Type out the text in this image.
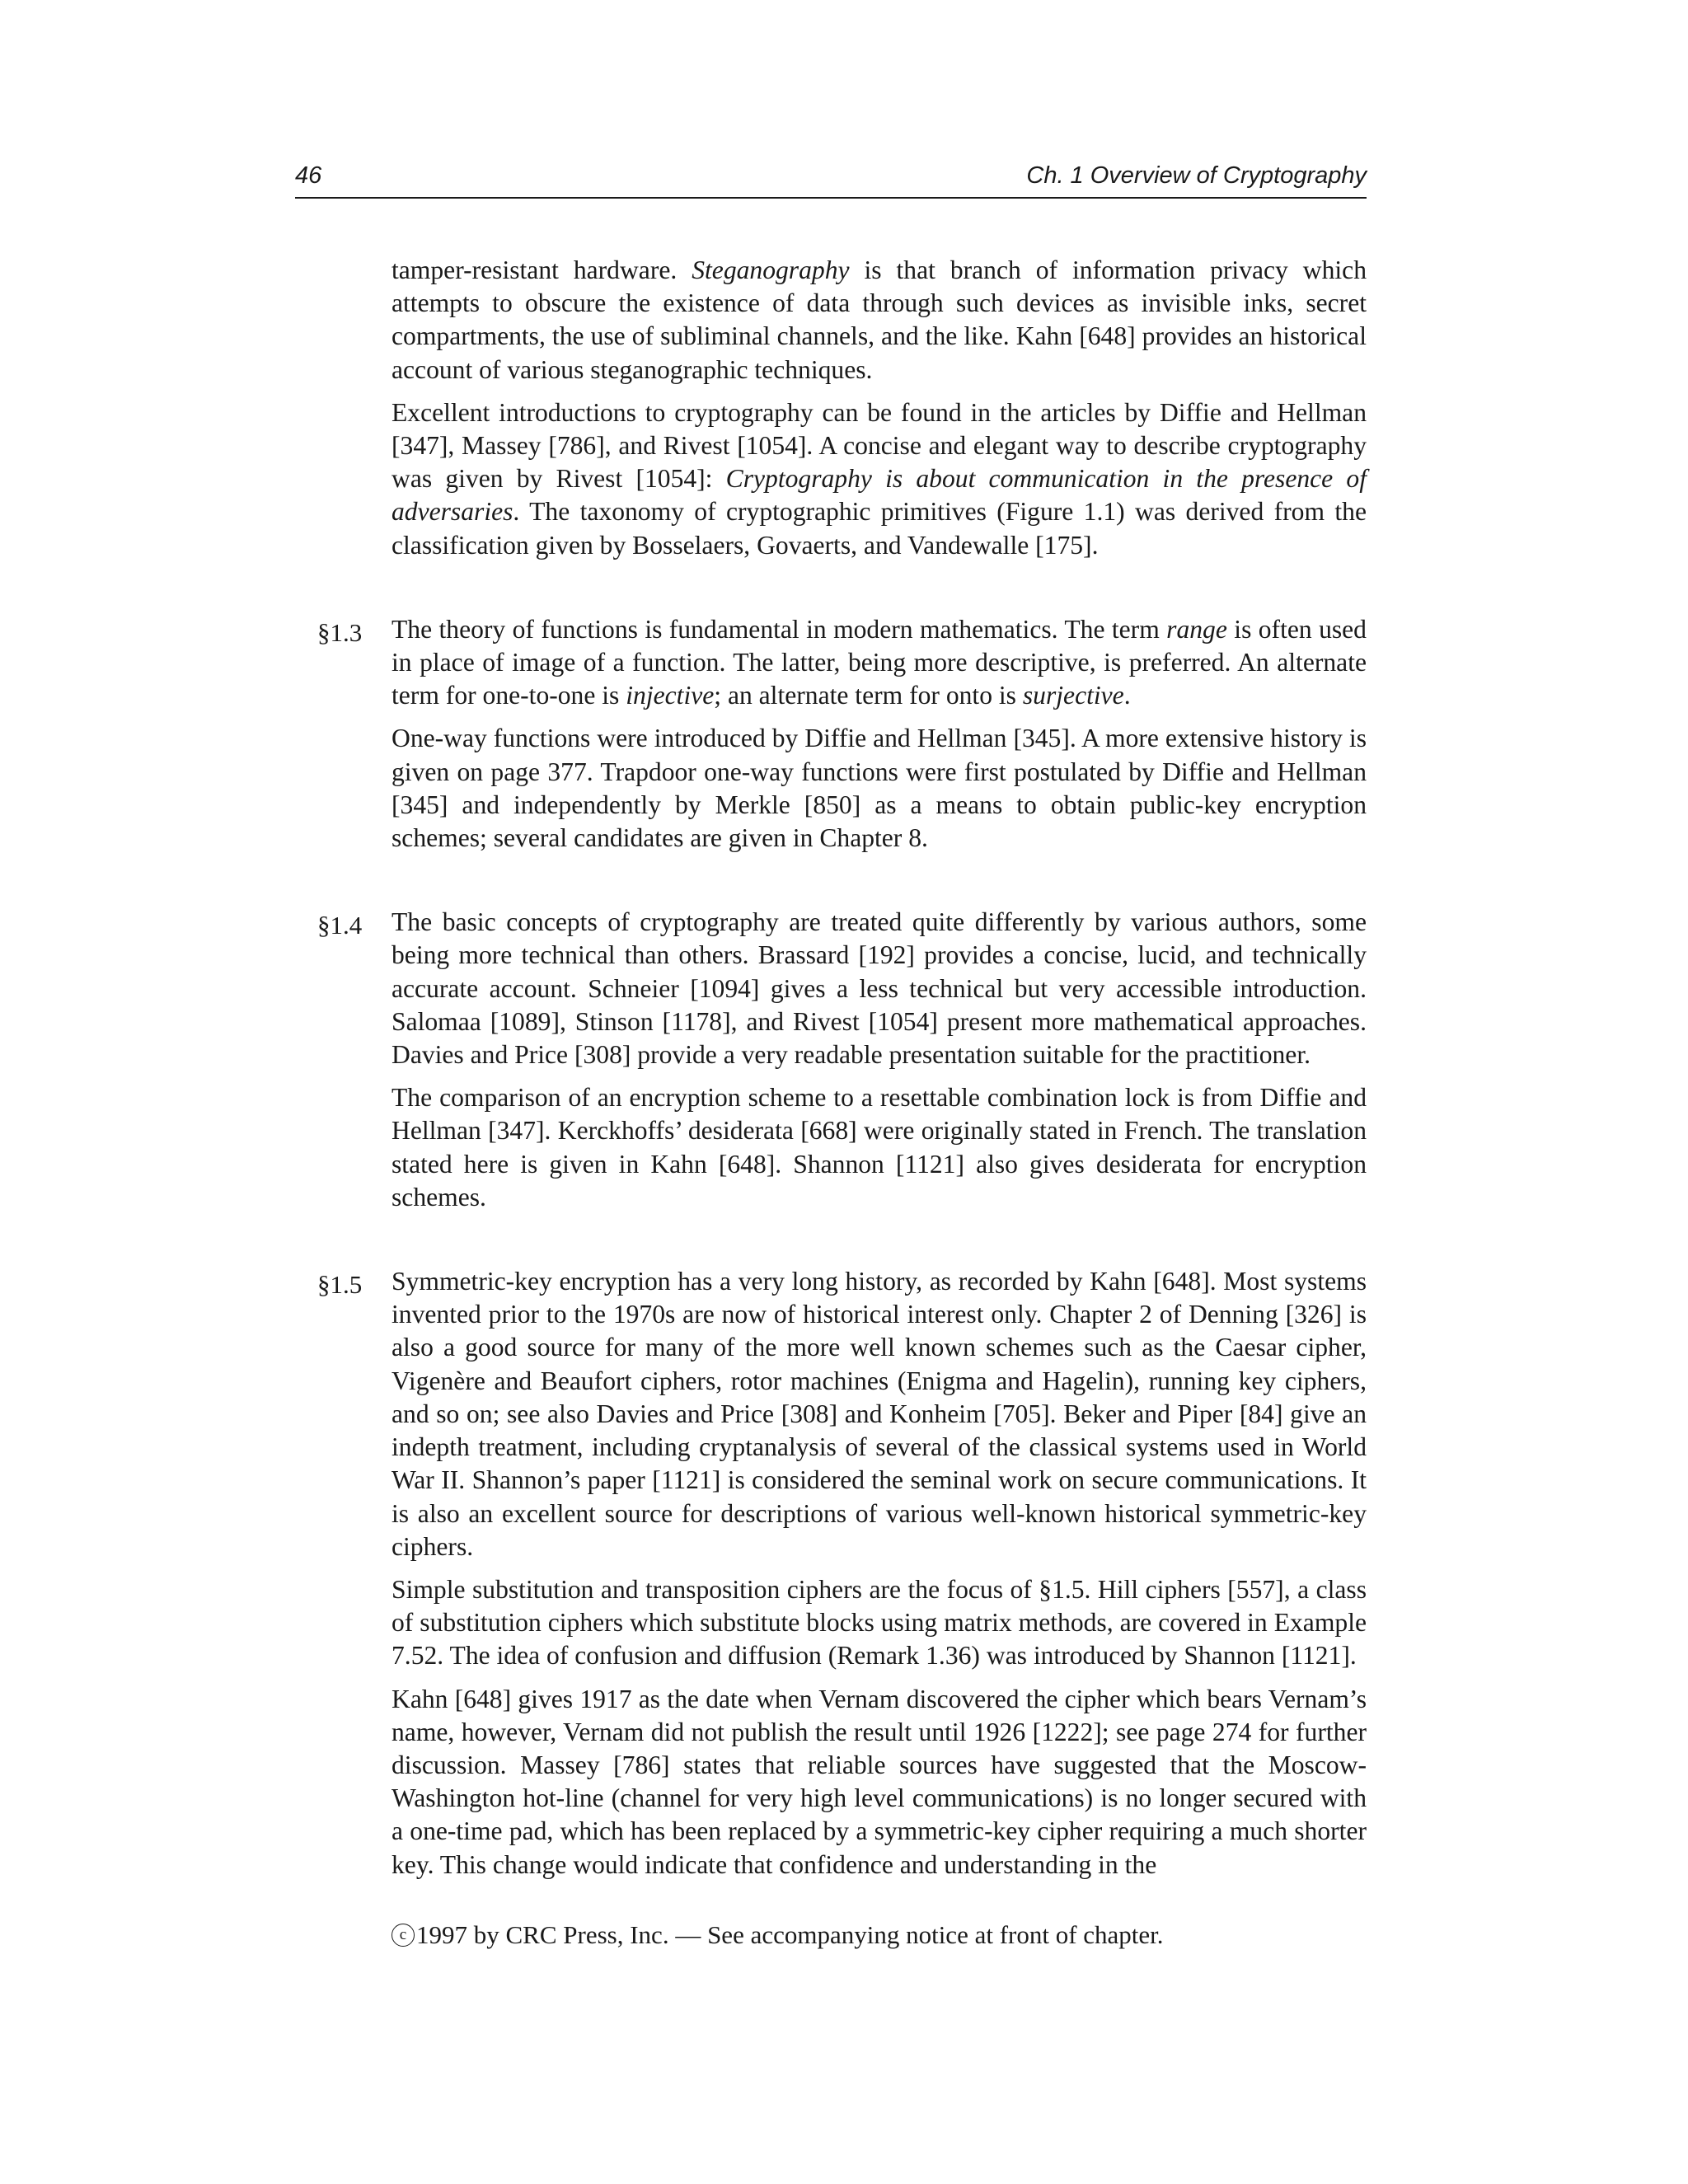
46	Ch. 1 Overview of Cryptography

tamper-resistant hardware. Steganography is that branch of information privacy which attempts to obscure the existence of data through such devices as invisible inks, secret compartments, the use of subliminal channels, and the like. Kahn [648] provides an historical account of various steganographic techniques.

Excellent introductions to cryptography can be found in the articles by Diffie and Hellman [347], Massey [786], and Rivest [1054]. A concise and elegant way to describe cryptography was given by Rivest [1054]: Cryptography is about communication in the presence of adversaries. The taxonomy of cryptographic primitives (Figure 1.1) was derived from the classification given by Bosselaers, Govaerts, and Vandewalle [175].

§1.3 The theory of functions is fundamental in modern mathematics. The term range is often used in place of image of a function. The latter, being more descriptive, is preferred. An alternate term for one-to-one is injective; an alternate term for onto is surjective.

One-way functions were introduced by Diffie and Hellman [345]. A more extensive history is given on page 377. Trapdoor one-way functions were first postulated by Diffie and Hellman [345] and independently by Merkle [850] as a means to obtain public-key encryption schemes; several candidates are given in Chapter 8.

§1.4 The basic concepts of cryptography are treated quite differently by various authors, some being more technical than others. Brassard [192] provides a concise, lucid, and technically accurate account. Schneier [1094] gives a less technical but very accessible introduction. Salomaa [1089], Stinson [1178], and Rivest [1054] present more mathematical approaches. Davies and Price [308] provide a very readable presentation suitable for the practitioner.

The comparison of an encryption scheme to a resettable combination lock is from Diffie and Hellman [347]. Kerckhoffs’ desiderata [668] were originally stated in French. The translation stated here is given in Kahn [648]. Shannon [1121] also gives desiderata for encryption schemes.

§1.5 Symmetric-key encryption has a very long history, as recorded by Kahn [648]. Most systems invented prior to the 1970s are now of historical interest only. Chapter 2 of Denning [326] is also a good source for many of the more well known schemes such as the Caesar cipher, Vigenère and Beaufort ciphers, rotor machines (Enigma and Hagelin), running key ciphers, and so on; see also Davies and Price [308] and Konheim [705]. Beker and Piper [84] give an indepth treatment, including cryptanalysis of several of the classical systems used in World War II. Shannon’s paper [1121] is considered the seminal work on secure communications. It is also an excellent source for descriptions of various well-known historical symmetric-key ciphers.

Simple substitution and transposition ciphers are the focus of §1.5. Hill ciphers [557], a class of substitution ciphers which substitute blocks using matrix methods, are covered in Example 7.52. The idea of confusion and diffusion (Remark 1.36) was introduced by Shannon [1121].

Kahn [648] gives 1917 as the date when Vernam discovered the cipher which bears Vernam’s name, however, Vernam did not publish the result until 1926 [1222]; see page 274 for further discussion. Massey [786] states that reliable sources have suggested that the Moscow-Washington hot-line (channel for very high level communications) is no longer secured with a one-time pad, which has been replaced by a symmetric-key cipher requiring a much shorter key. This change would indicate that confidence and understanding in the

c 1997 by CRC Press, Inc. — See accompanying notice at front of chapter.
